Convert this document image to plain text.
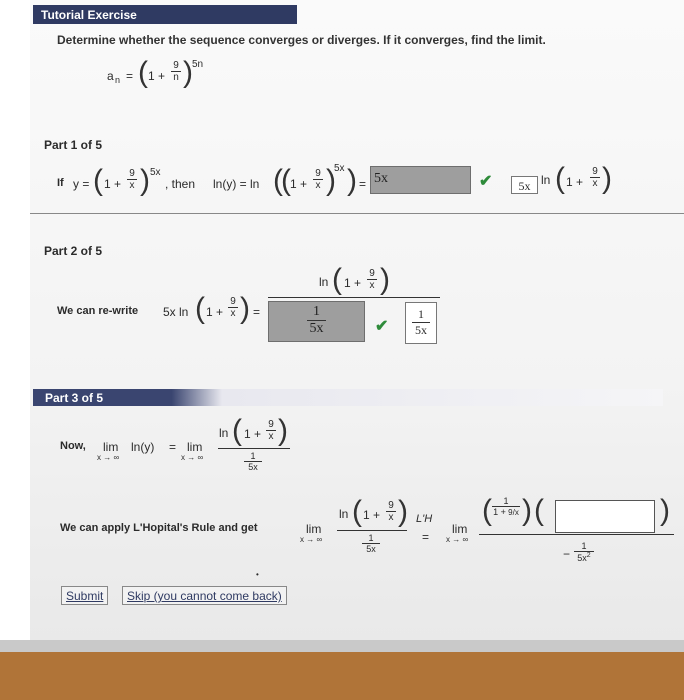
Tutorial Exercise
Determine whether the sequence converges or diverges. If it converges, find the limit.
a n = ( $1 + \frac{9}{n}$ ) 5n
Part 1 of 5
If y = ( $1 + \frac{9}{x}$ ) 5x
, then ln(y) = ln (
( $1 + \frac{9}{x}$ )
5x ) = 5x	✔	5x ln ( $1 + \frac{9}{x}$ )
Part 2 of 5
ln ( $1 + \frac{9}{x}$ )
We can re-write 5x ln ( $1 + \frac{9}{x}$ ) = $\frac{1}{5x}$ ✔ $\frac{1}{5x}$
Part 3 of 5
ln ( $1 + \frac{9}{x}$ )
Now, lim
x → ∞
ln(y) = lim
x → ∞	$\frac{1}{5x}$
ln ( $1 + \frac{9}{x}$ )
We can apply L'Hopital's Rule and get	lim
x → ∞
L'H
=
$\frac{1}{5x}$
lim
x → ∞
( $\frac{1}{1 + 9/x}$ ) (	)
− $\frac{1}{5x^2}$
•
Submit	Skip (you cannot come back)
